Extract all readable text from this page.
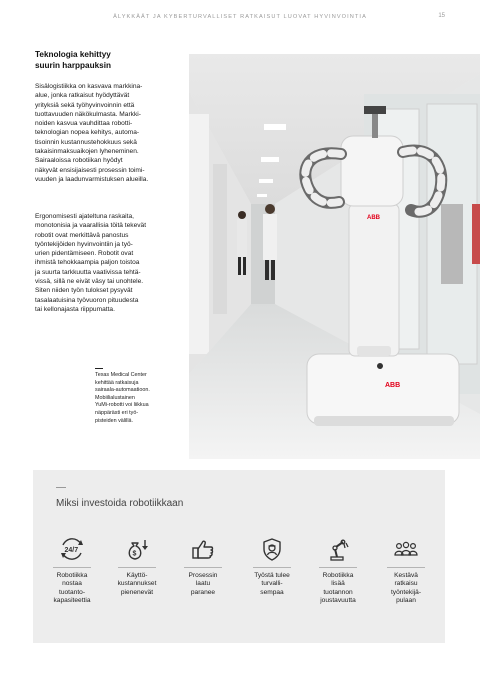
ÄLYKKÄÄT JA KYBERTURVALLISET RATKAISUT LUOVAT HYVINVOINTIA	15
Teknologia kehittyy
suurin harppauksin
Sisälogistiikka on kasvava markkina-
alue, jonka ratkaisut hyödyttävät
yrityksiä sekä työhyvinvoinnin että
tuottavuuden näkökulmasta. Markki-
noiden kasvua vauhdittaa robotti-
teknologian nopea kehitys, automa-
tisoinnin kustannustehokkuus sekä
takaisinmaksuaikojen lyheneminen.
Sairaaloissa robotiikan hyödyt
näkyvät ensisijaisesti prosessin toimi-
vuuden ja laadunvarmistuksen alueilla.
Ergonomisesti ajateltuna raskaita,
monotonisia ja vaarallisia töitä tekevät
robotit ovat merkittävä panostus
työntekijöiden hyvinvointiin ja työ-
urien pidentämiseen. Robotit ovat
ihmistä tehokkaampia paljon toistoa
ja suurta tarkkuutta vaativissa tehtä-
vissä, sillä ne eivät väsy tai unohtele.
Siten niiden työn tulokset pysyvät
tasalaatuisina työvuoron pituudesta
tai kellonajasta riippumatta.
Texas Medical Center
kehittää ratkaisuja
sairaala-automaatioon.
Mobiilialustainen
YuMi-robotti voi liikkua
näppärästi eri työ-
pisteiden välillä.
ABB
ABB
Miksi investoida robotiikkaan
24/7
Robotiikka
nostaa
tuotanto-
kapasiteettia
$
Käyttö-
kustannukset
pienenevät
Prosessin
laatu
paranee
Työstä tulee
turvalli-
sempaa
Robotiikka
lisää
tuotannon
joustavuutta
Kestävä
ratkaisu
työntekijä-
pulaan
